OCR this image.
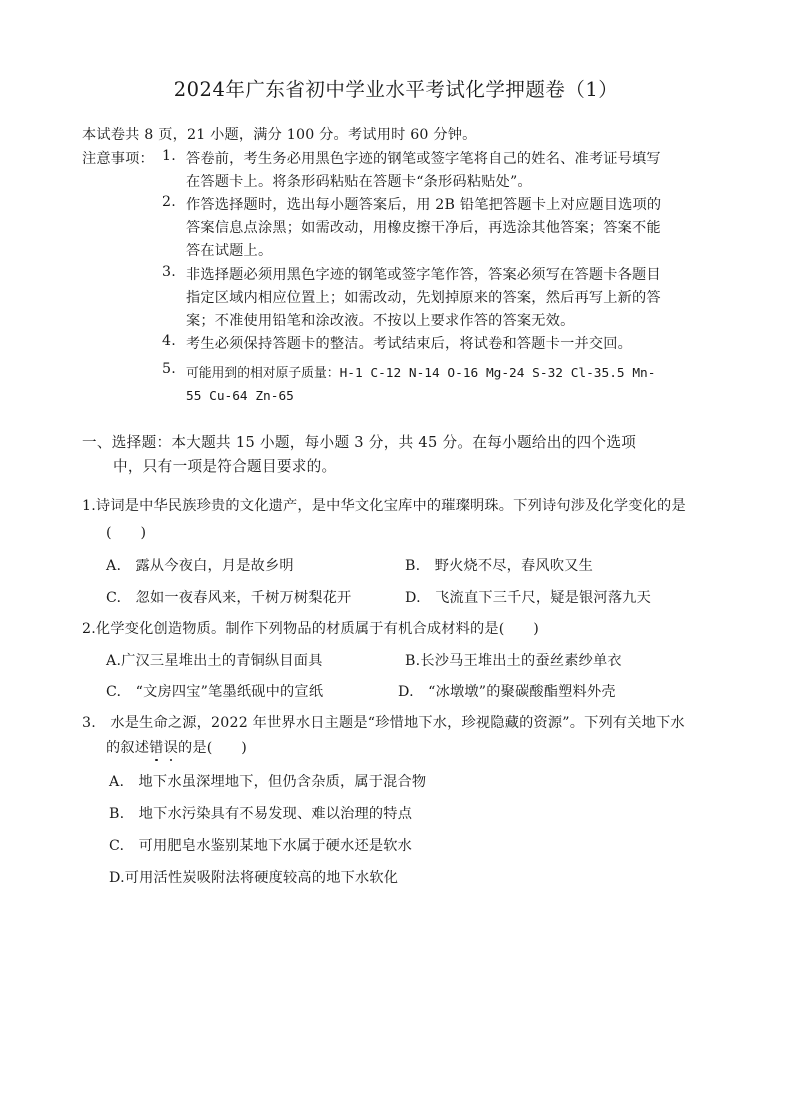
2024年广东省初中学业水平考试化学押题卷（1）
本试卷共 8 页，21 小题，满分 100 分。考试用时 60 分钟。
注意事项： 1. 答卷前，考生务必用黑色字迹的钢笔或签字笔将自己的姓名、准考证号填写
在答题卡上。将条形码粘贴在答题卡“条形码粘贴处”。
2. 作答选择题时，选出每小题答案后，用 2B 铅笔把答题卡上对应题目选项的
答案信息点涂黑；如需改动，用橡皮擦干净后，再选涂其他答案；答案不能
答在试题上。
3. 非选择题必须用黑色字迹的钢笔或签字笔作答，答案必须写在答题卡各题目
指定区域内相应位置上；如需改动，先划掉原来的答案，然后再写上新的答
案；不准使用铅笔和涂改液。不按以上要求作答的答案无效。
4. 考生必须保持答题卡的整洁。考试结束后，将试卷和答题卡一并交回。
5. 可能用到的相对原子质量：H-1 C-12 N-14 O-16 Mg-24 S-32 Cl-35.5 Mn-
55 Cu-64 Zn-65
一、选择题：本大题共 15 小题，每小题 3 分，共 45 分。在每小题给出的四个选项
中，只有一项是符合题目要求的。
1.诗词是中华民族珍贵的文化遗产，是中华文化宝库中的璀璨明珠。下列诗句涉及化学变化的是
(　　)
A.　露从今夜白，月是故乡明	B.　野火烧不尽，春风吹又生
C.　忽如一夜春风来，千树万树梨花开	D.　飞流直下三千尺，疑是银河落九天
2.化学变化创造物质。制作下列物品的材质属于有机合成材料的是(　　)
A.广汉三星堆出土的青铜纵目面具	B.长沙马王堆出土的蚕丝素纱单衣
C.　“文房四宝”笔墨纸砚中的宣纸	D.　“冰墩墩”的聚碳酸酯塑料外壳
3.　水是生命之源，2022 年世界水日主题是“珍惜地下水，珍视隐藏的资源”。下列有关地下水
的叙述错误的是(　　)
A.　地下水虽深埋地下，但仍含杂质，属于混合物
B.　地下水污染具有不易发现、难以治理的特点
C.　可用肥皂水鉴别某地下水属于硬水还是软水
D.可用活性炭吸附法将硬度较高的地下水软化
